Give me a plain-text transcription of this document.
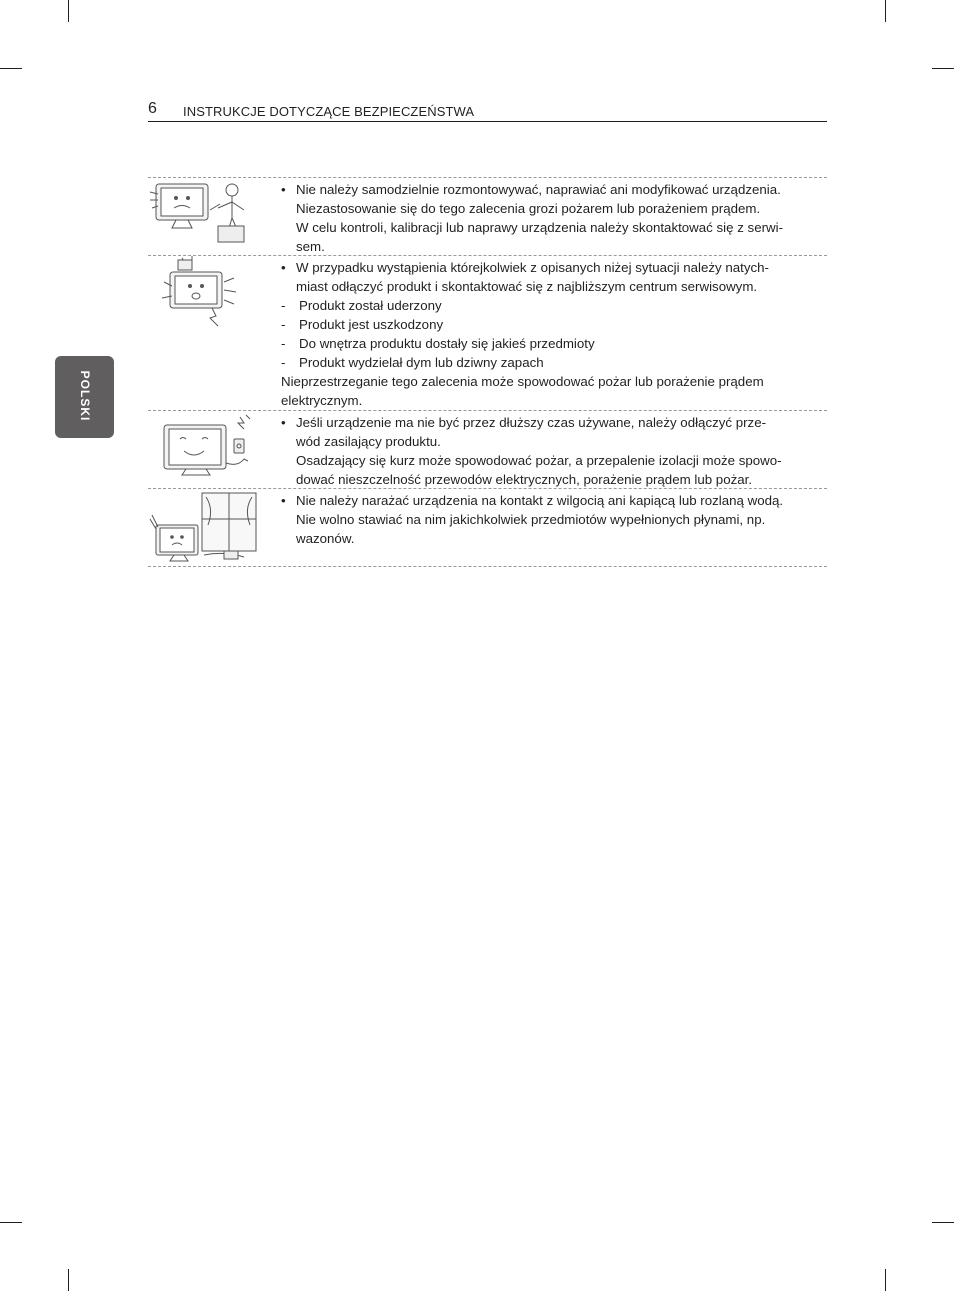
6 INSTRUKCJE DOTYCZĄCE BEZPIECZEŃSTWA
POLSKI
• Nie należy samodzielnie rozmontowywać, naprawiać ani modyfikować urządzenia.
Niezastosowanie się do tego zalecenia grozi pożarem lub porażeniem prądem.
W celu kontroli, kalibracji lub naprawy urządzenia należy skontaktować się z serwi-
sem.
• W przypadku wystąpienia którejkolwiek z opisanych niżej sytuacji należy natych-
miast odłączyć produkt i skontaktować się z najbliższym centrum serwisowym.
- Produkt został uderzony
- Produkt jest uszkodzony
- Do wnętrza produktu dostały się jakieś przedmioty
- Produkt wydzielał dym lub dziwny zapach
Nieprzestrzeganie tego zalecenia może spowodować pożar lub porażenie prądem
elektrycznym.
• Jeśli urządzenie ma nie być przez dłuższy czas używane, należy odłączyć prze-
wód zasilający produktu.
Osadzający się kurz może spowodować pożar, a przepalenie izolacji może spowo-
dować nieszczelność przewodów elektrycznych, porażenie prądem lub pożar.
• Nie należy narażać urządzenia na kontakt z wilgocią ani kapiącą lub rozlaną wodą.
Nie wolno stawiać na nim jakichkolwiek przedmiotów wypełnionych płynami, np.
wazonów.
